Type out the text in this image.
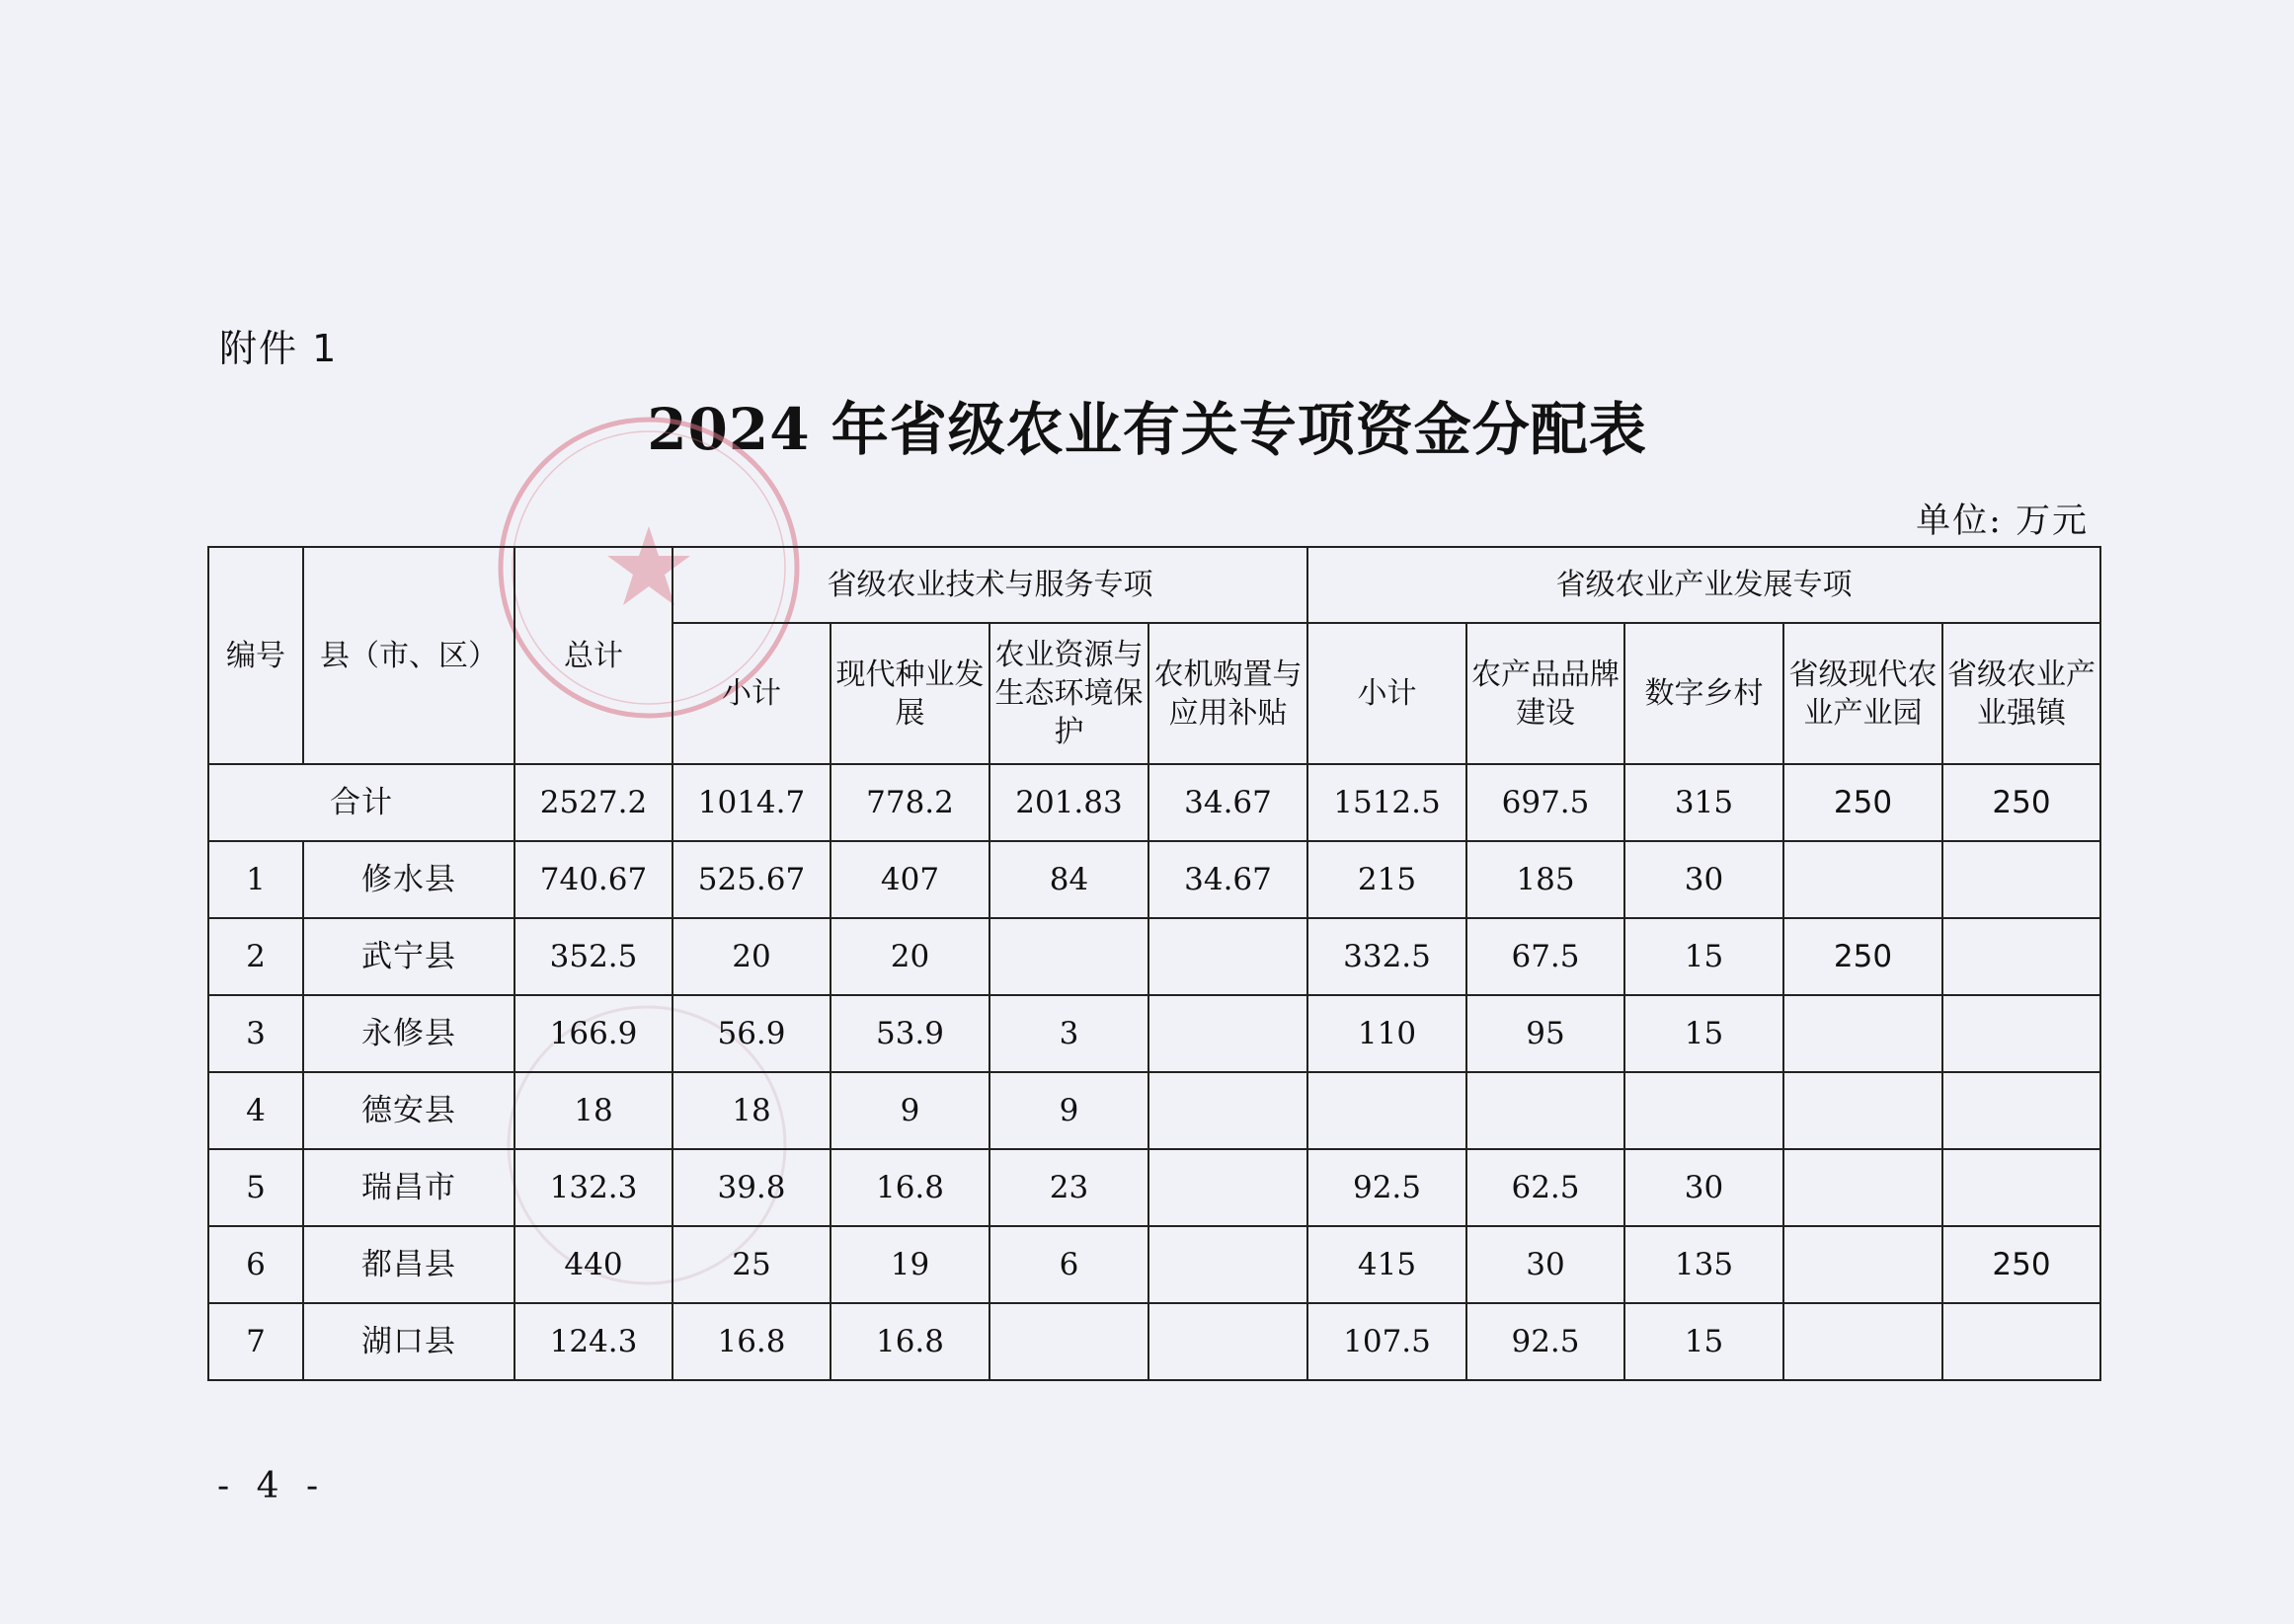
附件 1
2024 年省级农业有关专项资金分配表
单位: 万元
编号	县（市、区）	总计	省级农业技术与服务专项				省级农业产业发展专项				
			小计	现代种业发展	农业资源与生态环境保护	农机购置与应用补贴	小计	农产品品牌建设	数字乡村	省级现代农业产业园	省级农业产业强镇
合计		2527.2	1014.7	778.2	201.83	34.67	1512.5	697.5	315	250	250
1	修水县	740.67	525.67	407	84	34.67	215	185	30		
2	武宁县	352.5	20	20			332.5	67.5	15	250	
3	永修县	166.9	56.9	53.9	3		110	95	15		
4	德安县	18	18	9	9						
5	瑞昌市	132.3	39.8	16.8	23		92.5	62.5	30		
6	都昌县	440	25	19	6		415	30	135		250
7	湖口县	124.3	16.8	16.8			107.5	92.5	15		
- 4 -
